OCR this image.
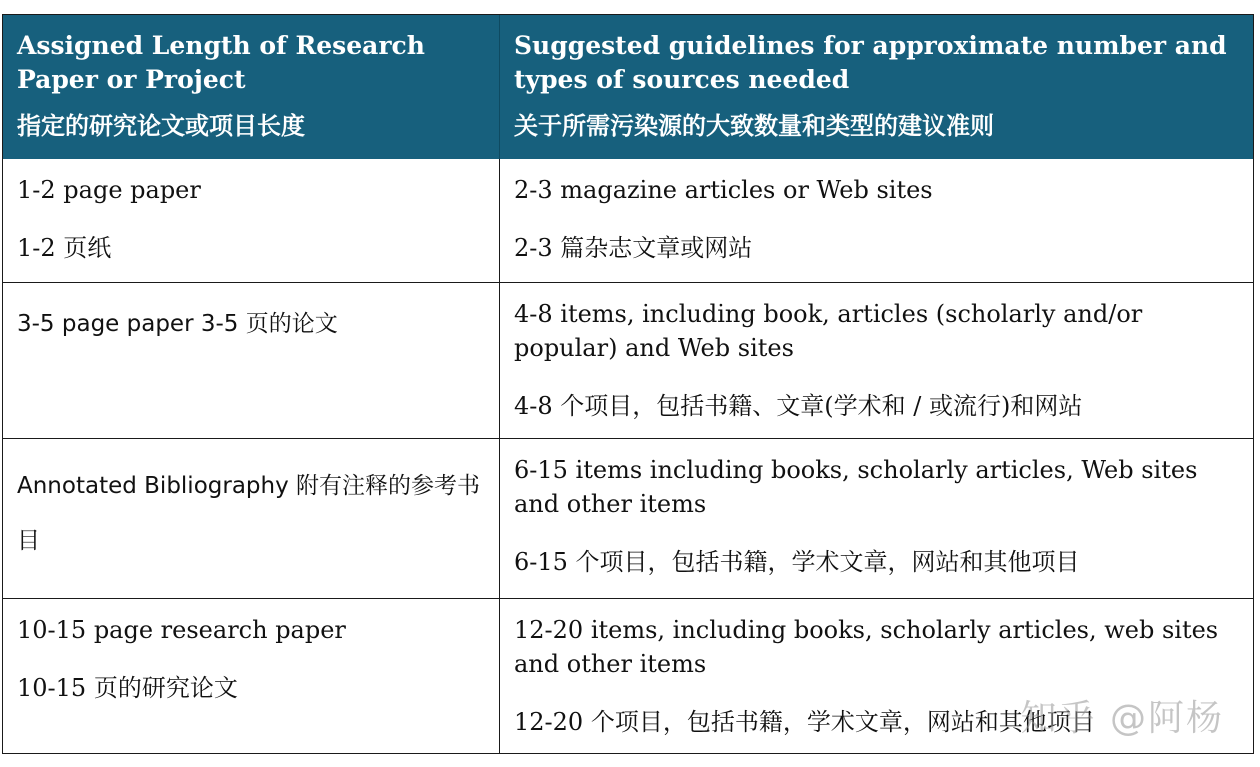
Assigned Length of Research Paper or Project
指定的研究论文或项目长度
Suggested guidelines for approximate number and types of sources needed
关于所需污染源的大致数量和类型的建议准则
1-2 page paper
1-2 页纸
2-3 magazine articles or Web sites
2-3 篇杂志文章或网站
3-5 page paper 3-5 页的论文	4-8 items, including book, articles (scholarly and/or popular) and Web sites
4-8 个项目，包括书籍、文章(学术和 / 或流行)和网站
Annotated Bibliography 附有注释的参考书目
6-15 items including books, scholarly articles, Web sites and other items
6-15 个项目，包括书籍，学术文章，网站和其他项目
10-15 page research paper
10-15 页的研究论文
12-20 items, including books, scholarly articles, web sites and other items
12-20 个项目，包括书籍，学术文章，网站和其他项目
知乎 @阿杨
